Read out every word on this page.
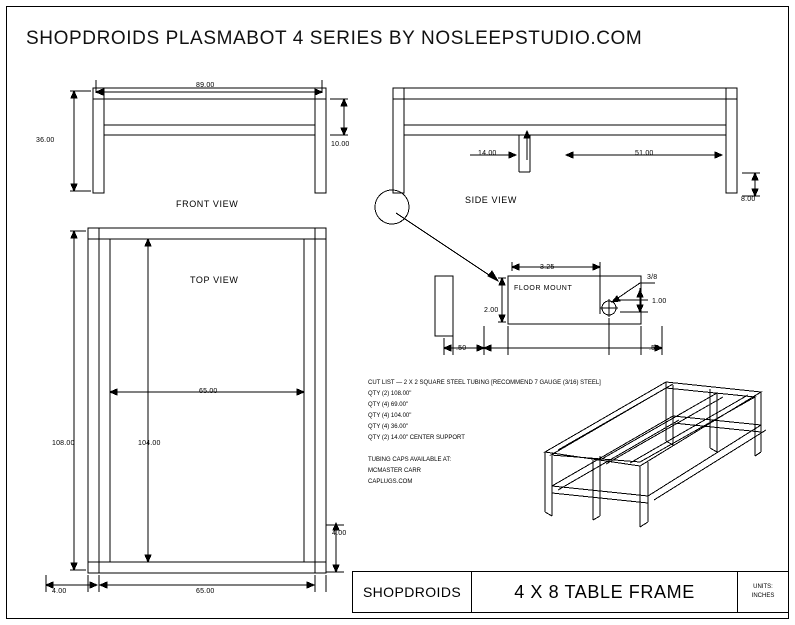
SHOPDROIDS PLASMABOT 4 SERIES BY NOSLEEPSTUDIO.COM
89.00
36.00
10.00
FRONT VIEW
14.00	51.00
8.00
SIDE VIEW
TOP VIEW
65.00
108.00	104.00
4.00	65.00
4.00
FLOOR MOUNT
3.25
2.00
3/8
1.00
.50	.50
CUT LIST — 2 X 2 SQUARE STEEL TUBING [RECOMMEND 7 GAUGE (3/16) STEEL]
QTY (2) 108.00"
QTY (4) 69.00"
QTY (4) 104.00"
QTY (4) 36.00"
QTY (2) 14.00" CENTER SUPPORT

TUBING CAPS AVAILABLE AT:
MCMASTER CARR
CAPLUGS.COM
SHOPDROIDS	4 X 8 TABLE FRAME	UNITS:
INCHES
